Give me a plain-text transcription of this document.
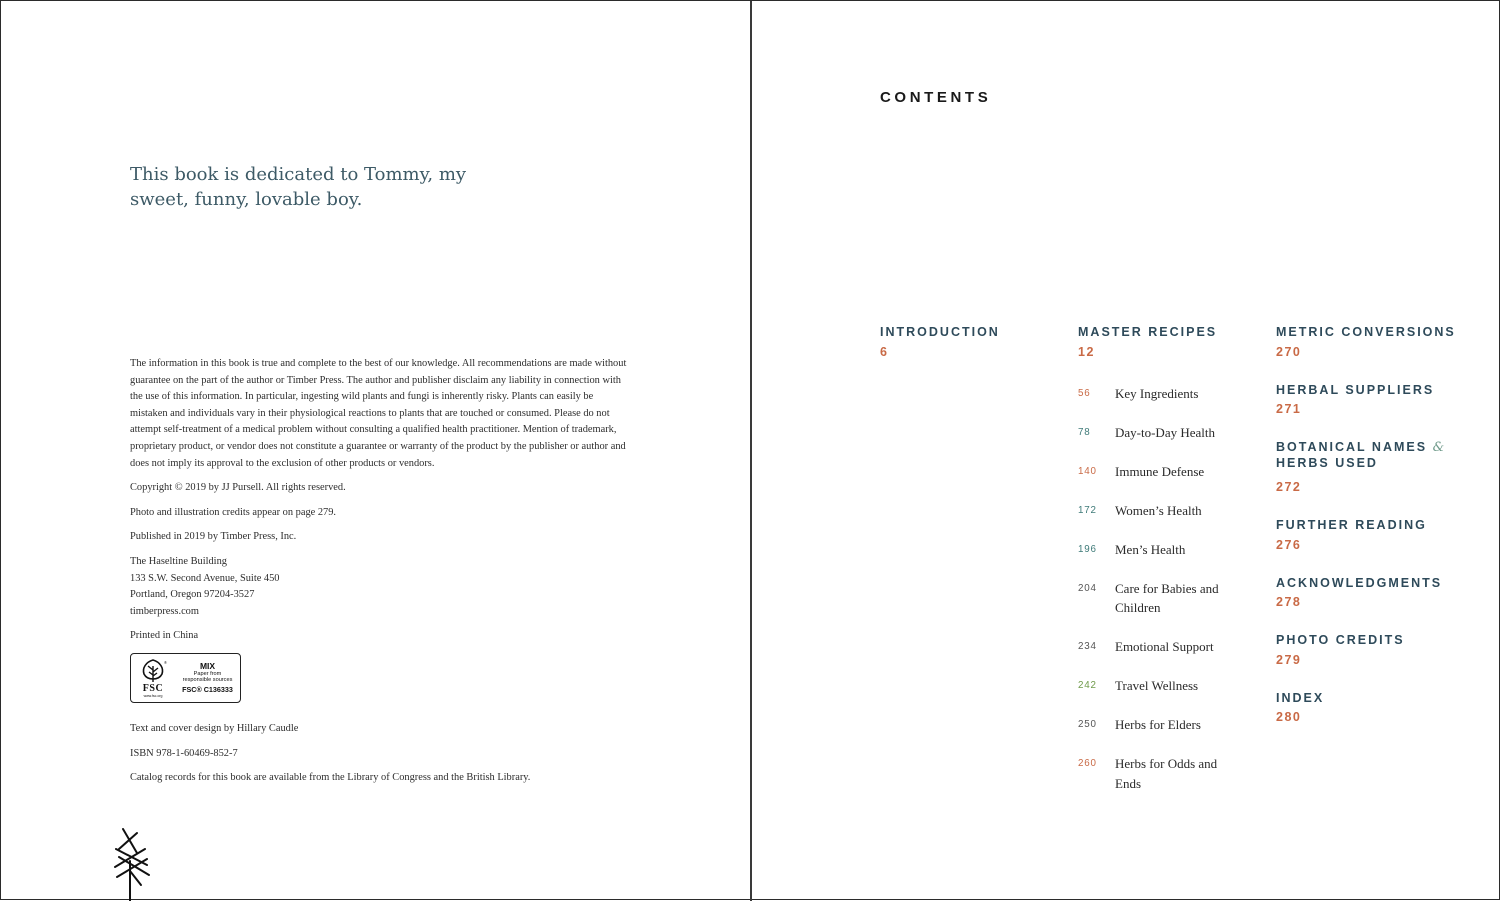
This book is dedicated to Tommy, my sweet, funny, lovable boy.

The information in this book is true and complete to the best of our knowledge. All recommendations are made without guarantee on the part of the author or Timber Press. The author and publisher disclaim any liability in connection with the use of this information. In particular, ingesting wild plants and fungi is inherently risky. Plants can easily be mistaken and individuals vary in their physiological reactions to plants that are touched or consumed. Please do not attempt self-treatment of a medical problem without consulting a qualified health practitioner. Mention of trademark, proprietary product, or vendor does not constitute a guarantee or warranty of the product by the publisher or author and does not imply its approval to the exclusion of other products or vendors.

Copyright © 2019 by JJ Pursell. All rights reserved.

Photo and illustration credits appear on page 279.

Published in 2019 by Timber Press, Inc.

The Haseltine Building
133 S.W. Second Avenue, Suite 450
Portland, Oregon 97204-3527
timberpress.com

Printed in China

®
FSC
www.fsc.org
MIX
Paper from
responsible sources
FSC® C136333

Text and cover design by Hillary Caudle

ISBN 978-1-60469-852-7

Catalog records for this book are available from the Library of Congress and the British Library.

CONTENTS
INTRODUCTION
6
MASTER RECIPES
12
56	Key Ingredients
78	Day-to-Day Health
140	Immune Defense
172	Women’s Health
196	Men’s Health
204	Care for Babies and Children
234	Emotional Support
242	Travel Wellness
250	Herbs for Elders
260	Herbs for Odds and Ends
METRIC CONVERSIONS
270
HERBAL SUPPLIERS
271
BOTANICAL NAMES &
HERBS USED
272
FURTHER READING
276
ACKNOWLEDGMENTS
278
PHOTO CREDITS
279
INDEX
280
